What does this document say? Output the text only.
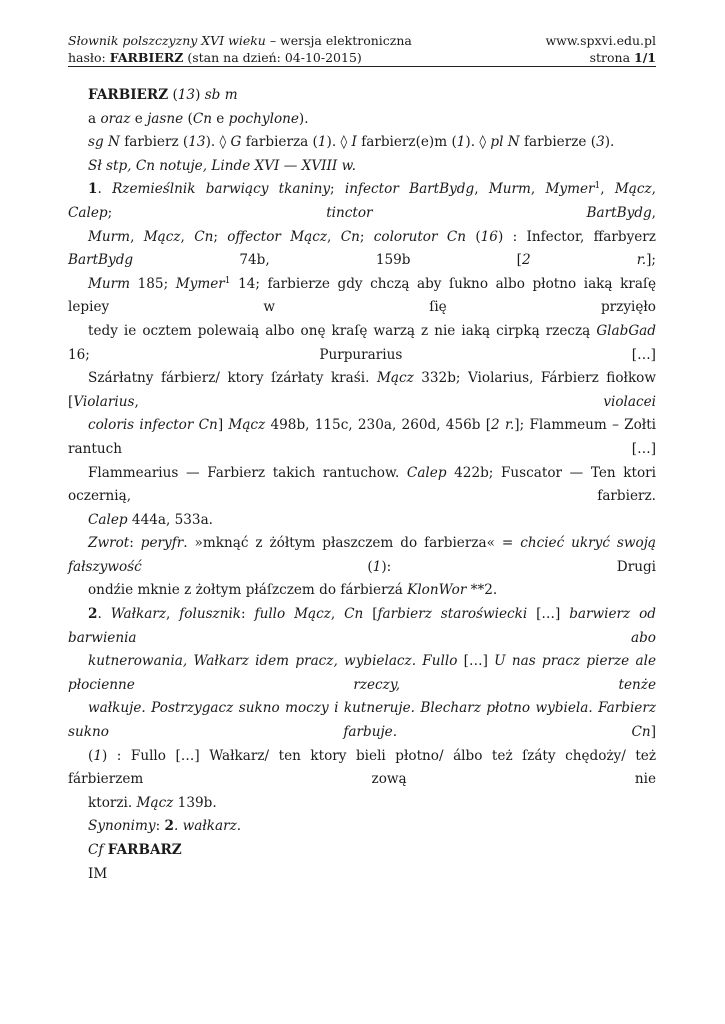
Słownik polszczyzny XVI wieku – wersja elektroniczna	www.spxvi.edu.pl
hasło: FARBIERZ (stan na dzień: 04-10-2015)	strona 1/1

FARBIERZ (13) sb m

a oraz e jasne (Cn e pochylone).

sg N farbierz (13). ◊ G farbierza (1). ◊ I farbierz(e)m (1). ◊ pl N farbierze (3).

Sł stp, Cn notuje, Linde XVI — XVIII w.

1. Rzemieślnik barwiący tkaniny; infector BartBydg, Murm, Mymer$^1$, Mącz, Calep; tinctor BartBydg,
Murm, Mącz, Cn; offector Mącz, Cn; colorutor Cn (16) : Infector, ffarbyerz BartBydg 74b, 159b [2 r.];
Murm 185; Mymer$^1$ 14; farbierze gdy chczą aby ſukno albo płotno iaką kraſę lepiey w ſię przyięło
tedy ie ocztem polewaią albo onę kraſę warzą z nie iaką cirpką rzeczą GlabGad 16; Purpurarius […]
Szárłatny fárbierz/ ktory ſzárłaty kraśi. Mącz 332b; Violarius, Fárbierz fiołkow [Violarius, violacei
coloris infector Cn] Mącz 498b, 115c, 230a, 260d, 456b [2 r.]; Flammeum – Zołti rantuch […]
Flammearius — Farbierz takich rantuchow. Calep 422b; Fuscator — Ten ktori oczernią, farbierz.
Calep 444a, 533a.

Zwrot: peryfr. »mknąć z żółtym płaszczem do farbierza« = chcieć ukryć swoją fałszywość (1): Drugi
ondźie mknie z żołtym płáſzczem do fárbierzá KlonWor **2.

2. Wałkarz, folusznik: fullo Mącz, Cn [farbierz staroświecki […] barwierz od barwienia abo
kutnerowania, Wałkarz idem pracz, wybielacz. Fullo […] U nas pracz pierze ale płocienne rzeczy, tenże
wałkuje. Postrzygacz sukno moczy i kutneruje. Blecharz płotno wybiela. Farbierz sukno farbuje. Cn]
(1) : Fullo […] Wałkarz/ ten ktory bieli płotno/ álbo też ſzáty chędoży/ też fárbierzem zową nie
ktorzi. Mącz 139b.

Synonimy: 2. wałkarz.

Cf FARBARZ

IM
